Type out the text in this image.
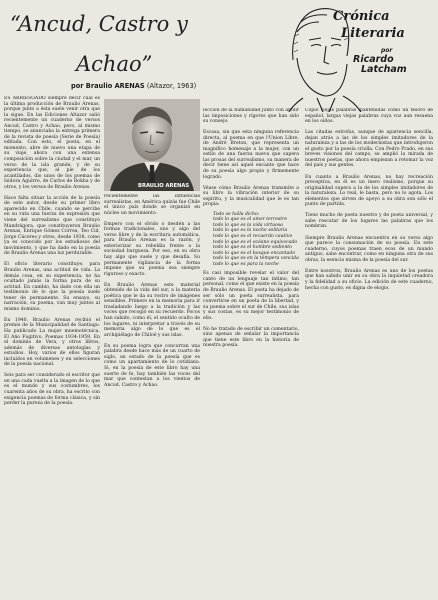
“Ancud, Castro y
Achao”
por Braulio ARENAS (Altazor, 1963)
Crónica
Literaria
por
Ricardo
Latcham
BRAULIO ARENAS

ES ARRIESGADO siempre decir cuál es la última producción de Braulio Arenas, porque junto a ésta suele venir otra que la sigue. En las Ediciones Altazor salió recientemente un cuaderno de versos Ancud, Castro y Achao, pero, al mismo tiempo, se anunciaba la entrega primera de la revista de poesía (Serie de Poesía) editada. Con esto, el poeta, en el momento, abre de nuevo una etapa de su viaje, ahora con una extensa composición sobre la ciudad y el mar, un verso de la isla grande, y de su experiencia que, al pie de los acantilados, dio unos de los poemas de Isidora Aguirre, de Carlos de Rokha y de otros, y los versos de Braulio Arenas.

Hace falta situar la acción de la poesía de este autor, desde su primer libro aparecido en Chile, cuando se percibe en su ruta una fuerza de expresión que viene del surrealismo que constituyó Mandrágora, que constituyeron Braulio Arenas, Enrique Gómez Correa, Teo Cid, Jorge Cáceres y otros, desde 1938, como ya es conocido por los estudiosos del movimiento, y que ha dado en la poesía de Braulio Arenas una luz perdurable.

El oficio literario constituye, para Braulio Arenas, una actitud de vida. La demás cosa, en su experiencia, no ha ocultado jamás la forma pura de su actitud. En cambio, ha dado con ella un testimonio de lo que la poesía suele tener de permanente. Su ensayo, su narración, su poema, van muy juntos al mismo dominio.

En 1940, Braulio Arenas recibió el premio de la Municipalidad de Santiago. Ha publicado La mujer mnemotécnica, El Año Fugitivo, Poemas 1934-1959, En el dominio de Vera, y otros libros, además de diversas antologías y estudios. Hoy, varios de ellos figuran incluídos en volumenes y en selecciones de la poesía nacional.

Seis para ser considerado el escritor que en una cada vuelta a la imagen de lo que es el mundo y sus costumbres, los cuarenta años de su obra, ha escrito con exigencia poemas de forma clásica, y sin perder la pureza de la poesía.

recientemente las influencias surrealistas, en América quizás fue Chile el único país donde se organizó en núcleo un movimiento.

Empero con el olvido o desdén a las formas tradicionales, uno y algo del verso libre y de la escritura automática, para Braulio Arenas es la razón, y exteriorizar su rebeldía frente a la sociedad burguesa. Por eso, en su obra hay algo que suele y que desafía. Su permanente vigilancia de la forma impone que su poema sea siempre riguroso y exacto.

En Braulio Arenas este material obtenido de la vida del sur, a la materia poética que le da su rostro de imágenes sensibles. Primero en la memoria para ir trasladando luego a la tradición y las voces que recogió en su recuerdo. Pocos han sabido, como él, el sentido oculto de los lugares, ni interpretar a través de su memoria algo de lo que es el archipiélago de Chiloé y sus islas.

En su poema logra que concurran una palabra desde hace más de un cuarto de siglo, un estado de la poesía que es como un apartamiento de lo cotidiano. Si, en la poesía de este libro hay una suerte de fe, hay también las voces del mar que contestan a los vientos de Ancud, Castro y Achao.

lección de la humanidad junto con abolir las imposiciones y rígores que han sido su consejo.

Escasa, sin que esta ninguna referencia directa, al poema en que l'Union Libre, de André Breton, que representa un magnífico homenaje a la mujer, con un estilo de una fuerza nueva que supera las prosas del surrealismo, su manera de decir tiene así aquel encanto que hace de su poesía algo propio y firmemente logrado.

Véase cómo Braulio Arenas transmite a su libro la vibración interior de su espíritu, y la musicalidad que le es tan propia:

Todo se halla dicho:
todo lo que es el amor terrestre
todo lo que es la vida virtuosa
todo lo que es la noche solitaria
todo lo que es el recuerdo cautivo
todo lo que es el océano equivocado
todo lo que es el hombre sediento
todo lo que es el bosque encantado
todo lo que es en la témpera vencida
todo lo que es para la noche

Es casi imposible revelar el valor del canto de un lenguaje tan íntimo, tan personal, como el que existe en la poesía de Braulio Arenas. El poeta ha dejado de ser sólo un poeta surrealista, para convertirse en un poeta de la libertad, y su poema sobre el sur de Chile, sus islas y sus costas, es su mejor testimonio de ello.

No he tratado de escribir un comentario, sino apenas de señalar la importancia que tiene este libro en la historia de nuestra poesía.

Copio viejas palabras mantenidas como un tesoro de español, largas viejas palabras cuya voz aun resuena en los oídos.

Las citadas estrofas, aunque de apariencia sencilla, dejan atrás a las de los simples imitadores de la naturaleza y a las de los modernistas que introdujeron el gusto por la poesía criolla. Con Pedro Prado, en sus breves visiones del campo, se amplió la mirada de nuestros poetas, que ahora empiezan a retomar la voz del país y sus gentes.

En cuanto a Braulio Arenas, no hay recreación preceptiva, en él es un mero realismo, porque su originalidad supera a la de los simples imitadores de la naturaleza. Lo real, le basta, pero no lo agota. Los elementos que sirven de apoyo a su obra son sólo el punto de partida.

Tiene mucho de poeta nuestro y de poeta universal, y sabe rescatar de los lugares las palabras que los nombran.

Siempre Braulio Arenas encuentra en su verso algo que parece la consumación de su poesía. En este cuaderno, cuyos poemas traen ecos de un mundo antiguo, sabe encontrar, como en ninguna otra de sus obras, la esencia misma de la poesía del sur.

Entre nosotros, Braulio Arenas es uno de los poetas que han sabido unir en su obra la inquietud creadora y la fidelidad a su oficio. La edición de este cuaderno, hecha con gusto, es digna de elogio.
